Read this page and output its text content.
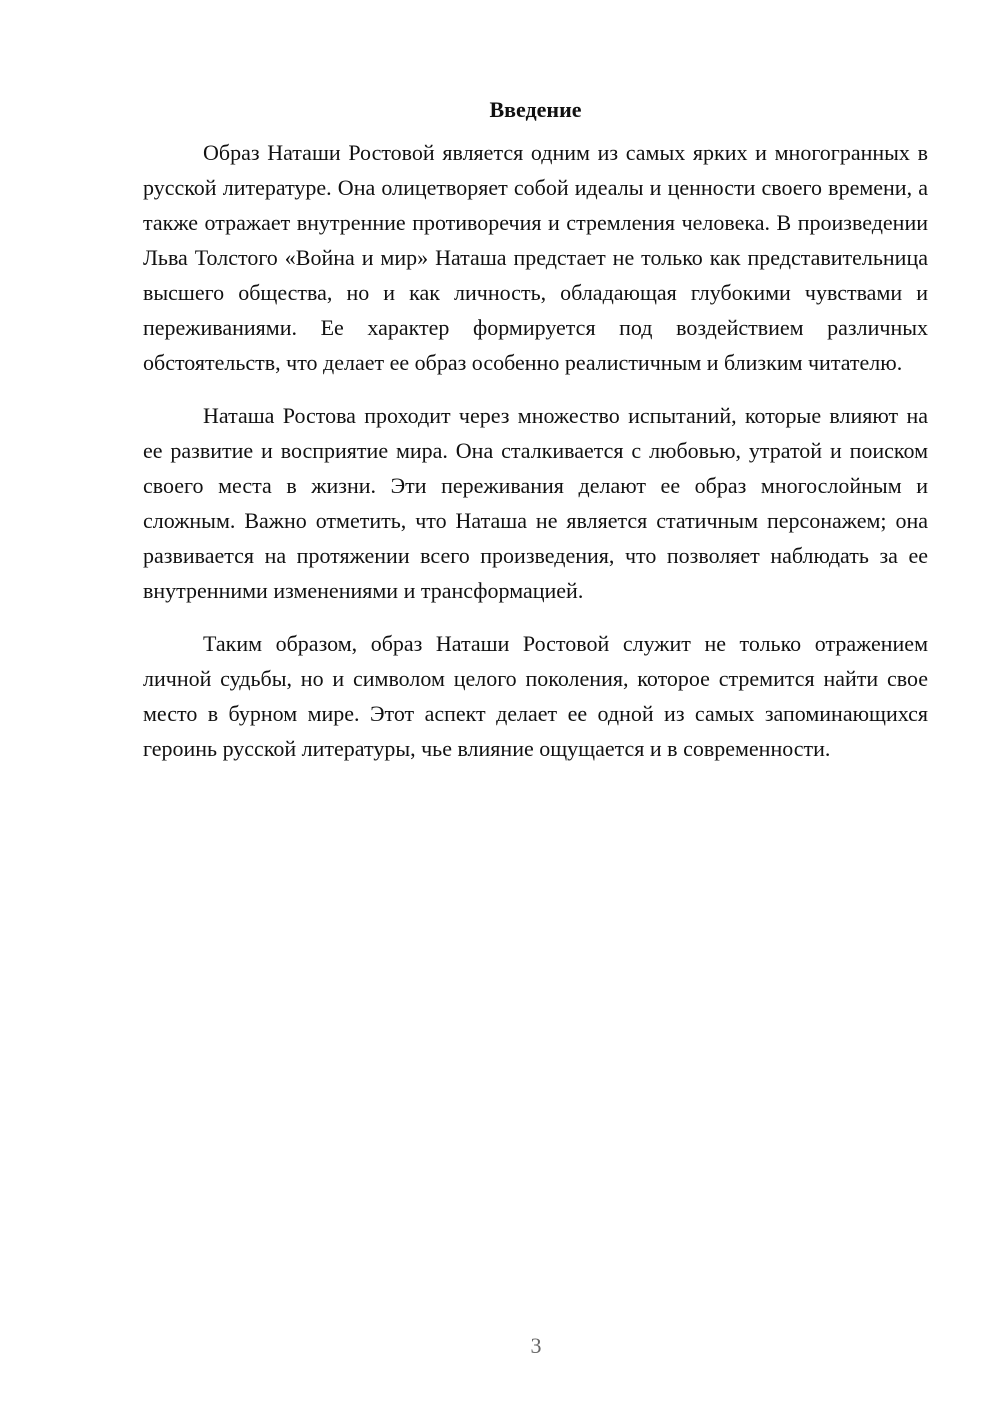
Введение

Образ Наташи Ростовой является одним из самых ярких и многогранных в русской литературе. Она олицетворяет собой идеалы и ценности своего времени, а также отражает внутренние противоречия и стремления человека. В произведении Льва Толстого «Война и мир» Наташа предстает не только как представительница высшего общества, но и как личность, обладающая глубокими чувствами и переживаниями. Ее характер формируется под воздействием различных обстоятельств, что делает ее образ особенно реалистичным и близким читателю.

Наташа Ростова проходит через множество испытаний, которые влияют на ее развитие и восприятие мира. Она сталкивается с любовью, утратой и поиском своего места в жизни. Эти переживания делают ее образ многослойным и сложным. Важно отметить, что Наташа не является статичным персонажем; она развивается на протяжении всего произведения, что позволяет наблюдать за ее внутренними изменениями и трансформацией.

Таким образом, образ Наташи Ростовой служит не только отражением личной судьбы, но и символом целого поколения, которое стремится найти свое место в бурном мире. Этот аспект делает ее одной из самых запоминающихся героинь русской литературы, чье влияние ощущается и в современности.

3
